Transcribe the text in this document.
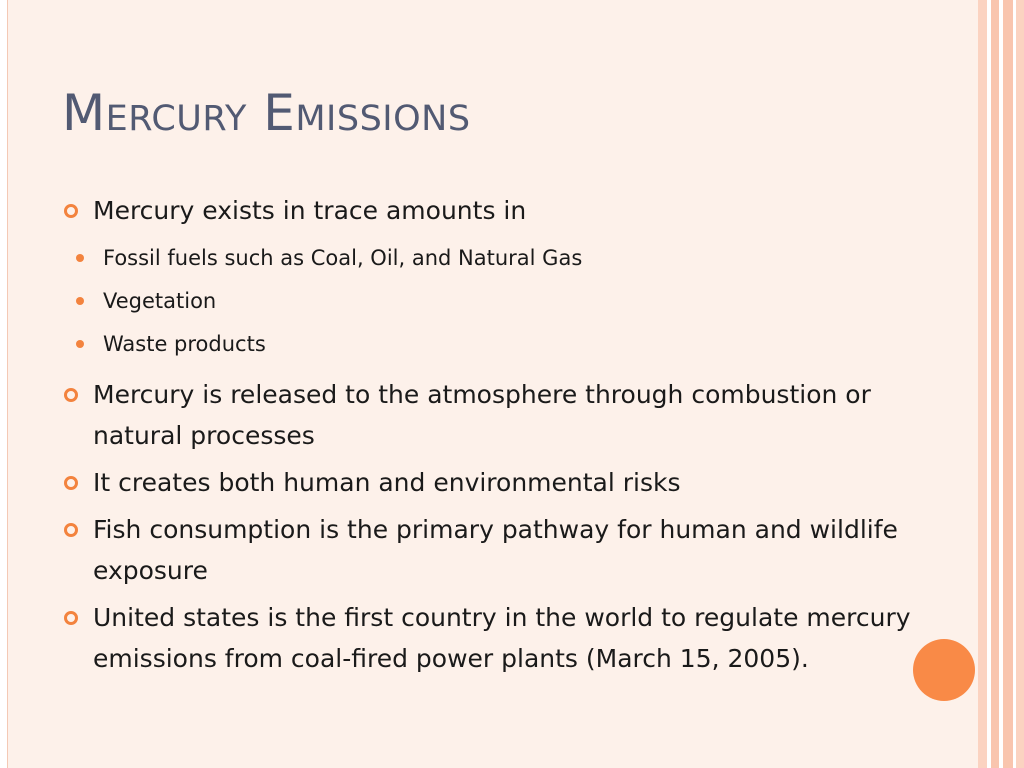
Mercury Emissions
Mercury exists in trace amounts in
Fossil fuels such as Coal, Oil, and Natural Gas
Vegetation
Waste products
Mercury is released to the atmosphere through combustion or natural processes
It creates both human and environmental risks
Fish consumption is the primary pathway for human and wildlife exposure
United states is the first country in the world to regulate mercury emissions from coal-fired power plants (March 15, 2005).
